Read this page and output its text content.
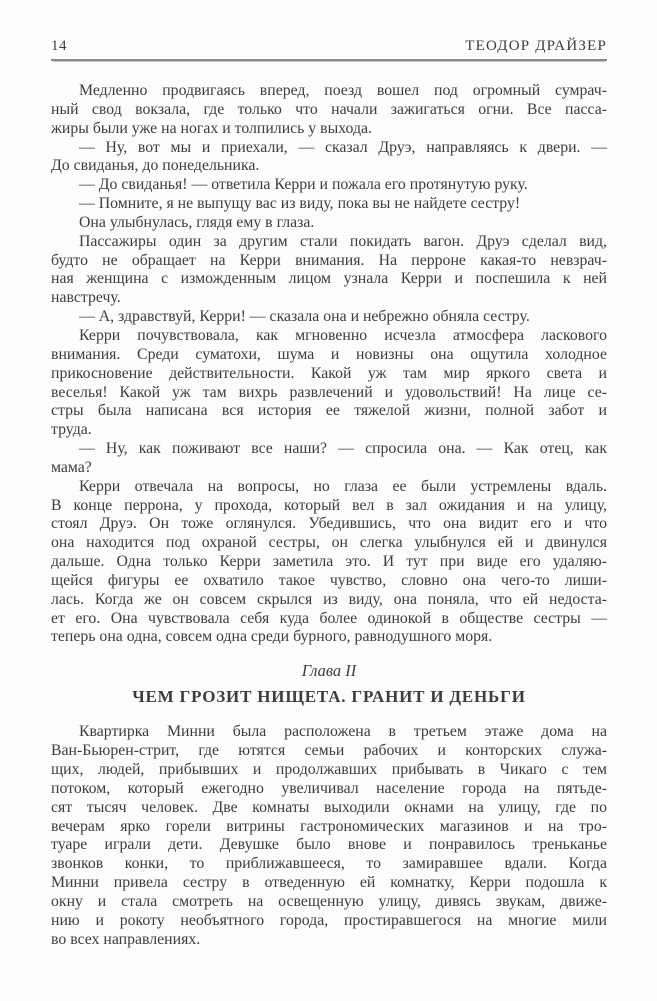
14	ТЕОДОР ДРАЙЗЕР
Медленно продвигаясь вперед, поезд вошел под огромный сумрач-
ный свод вокзала, где только что начали зажигаться огни. Все пасса-
жиры были уже на ногах и толпились у выхода.
— Ну, вот мы и приехали, — сказал Друэ, направляясь к двери. —
До свиданья, до понедельника.
— До свиданья! — ответила Керри и пожала его протянутую руку.
— Помните, я не выпущу вас из виду, пока вы не найдете сестру!
Она улыбнулась, глядя ему в глаза.
Пассажиры один за другим стали покидать вагон. Друэ сделал вид,
будто не обращает на Керри внимания. На перроне какая-то невзрач-
ная женщина с изможденным лицом узнала Керри и поспешила к ней
навстречу.
— А, здравствуй, Керри! — сказала она и небрежно обняла сестру.
Керри почувствовала, как мгновенно исчезла атмосфера ласкового
внимания. Среди суматохи, шума и новизны она ощутила холодное
прикосновение действительности. Какой уж там мир яркого света и
веселья! Какой уж там вихрь развлечений и удовольствий! На лице се-
стры была написана вся история ее тяжелой жизни, полной забот и
труда.
— Ну, как поживают все наши? — спросила она. — Как отец, как
мама?
Керри отвечала на вопросы, но глаза ее были устремлены вдаль.
В конце перрона, у прохода, который вел в зал ожидания и на улицу,
стоял Друэ. Он тоже оглянулся. Убедившись, что она видит его и что
она находится под охраной сестры, он слегка улыбнулся ей и двинулся
дальше. Одна только Керри заметила это. И тут при виде его удаляю-
щейся фигуры ее охватило такое чувство, словно она чего-то лиши-
лась. Когда же он совсем скрылся из виду, она поняла, что ей недоста-
ет его. Она чувствовала себя куда более одинокой в обществе сестры —
теперь она одна, совсем одна среди бурного, равнодушного моря.
Глава II
ЧЕМ ГРОЗИТ НИЩЕТА. ГРАНИТ И ДЕНЬГИ
Квартирка Минни была расположена в третьем этаже дома на
Ван-Бьюрен-стрит, где ютятся семьи рабочих и конторских служа-
щих, людей, прибывших и продолжавших прибывать в Чикаго с тем
потоком, который ежегодно увеличивал население города на пятьде-
сят тысяч человек. Две комнаты выходили окнами на улицу, где по
вечерам ярко горели витрины гастрономических магазинов и на тро-
туаре играли дети. Девушке было внове и понравилось треньканье
звонков конки, то приближавшееся, то замиравшее вдали. Когда
Минни привела сестру в отведенную ей комнатку, Керри подошла к
окну и стала смотреть на освещенную улицу, дивясь звукам, движе-
нию и рокоту необъятного города, простиравшегося на многие мили
во всех направлениях.
